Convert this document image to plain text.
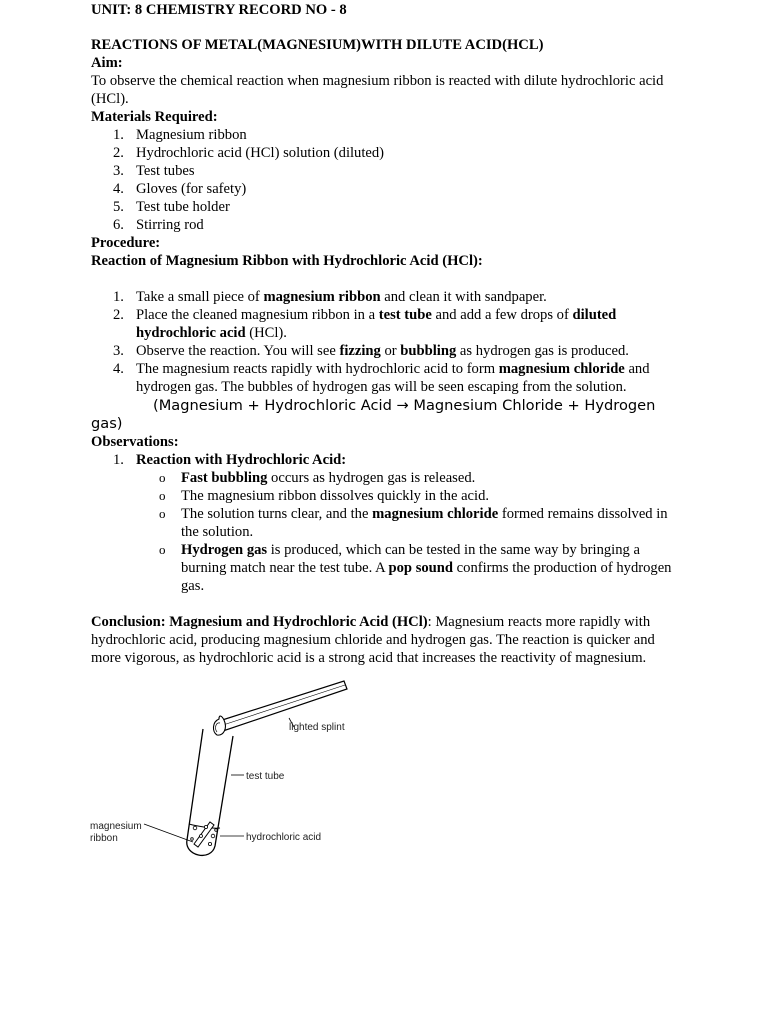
UNIT: 8 CHEMISTRY RECORD NO - 8
REACTIONS OF METAL(MAGNESIUM)WITH DILUTE ACID(HCL)

Aim:

To observe the chemical reaction when magnesium ribbon is reacted with dilute hydrochloric acid (HCl).

Materials Required:

1. Magnesium ribbon
2. Hydrochloric acid (HCl) solution (diluted)
3. Test tubes
4. Gloves (for safety)
5. Test tube holder
6. Stirring rod

Procedure:

Reaction of Magnesium Ribbon with Hydrochloric Acid (HCl):

1. Take a small piece of magnesium ribbon and clean it with sandpaper.
2. Place the cleaned magnesium ribbon in a test tube and add a few drops of diluted hydrochloric acid (HCl).
3. Observe the reaction. You will see fizzing or bubbling as hydrogen gas is produced.
4. The magnesium reacts rapidly with hydrochloric acid to form magnesium chloride and hydrogen gas. The bubbles of hydrogen gas will be seen escaping from the solution.

(Magnesium + Hydrochloric Acid → Magnesium Chloride + Hydrogen gas)

Observations:

1. Reaction with Hydrochloric Acid:
o Fast bubbling occurs as hydrogen gas is released.
o The magnesium ribbon dissolves quickly in the acid.
o The solution turns clear, and the magnesium chloride formed remains dissolved in the solution.
o Hydrogen gas is produced, which can be tested in the same way by bringing a burning match near the test tube. A pop sound confirms the production of hydrogen gas.

Conclusion: Magnesium and Hydrochloric Acid (HCl): Magnesium reacts more rapidly with hydrochloric acid, producing magnesium chloride and hydrogen gas. The reaction is quicker and more vigorous, as hydrochloric acid is a strong acid that increases the reactivity of magnesium.

lighted splint
test tube
hydrochloric acid
magnesium
ribbon
